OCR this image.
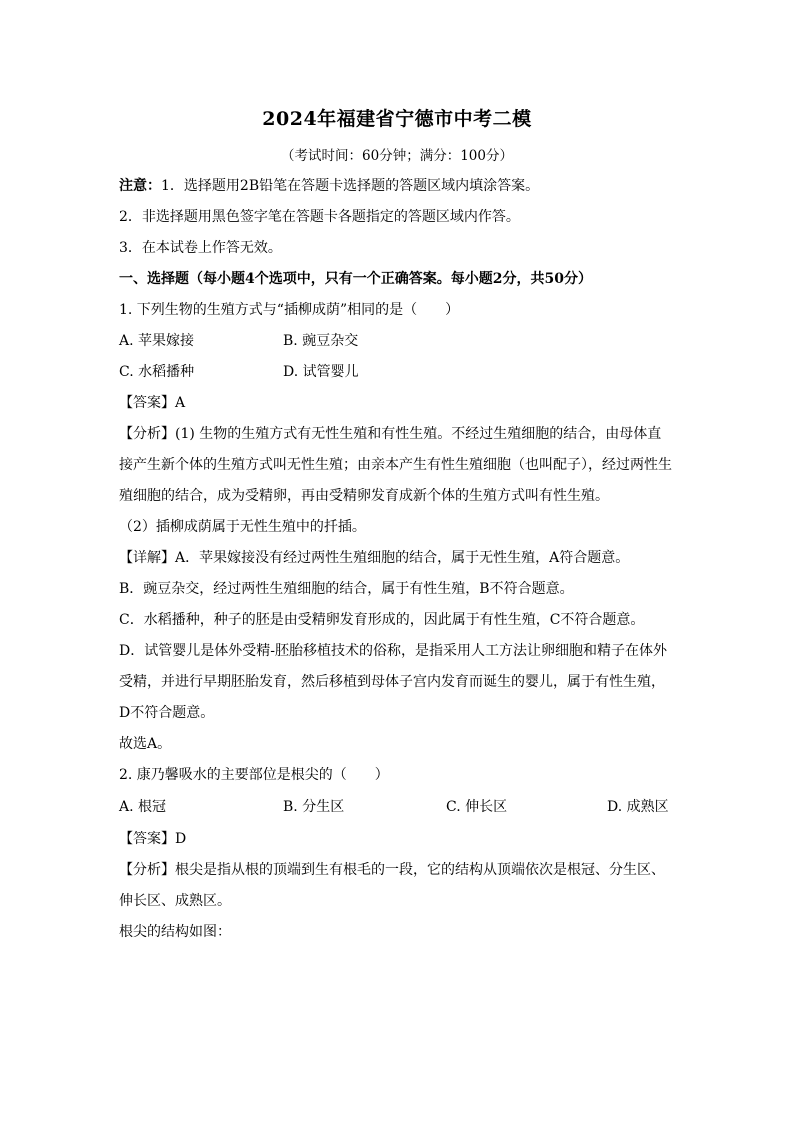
2024年福建省宁德市中考二模
（考试时间：60分钟；满分：100分）
注意：1．选择题用2B铅笔在答题卡选择题的答题区域内填涂答案。
2．非选择题用黑色签字笔在答题卡各题指定的答题区域内作答。
3．在本试卷上作答无效。
一、选择题（每小题4个选项中，只有一个正确答案。每小题2分，共50分）
1. 下列生物的生殖方式与“插柳成荫”相同的是（　　）
A. 苹果嫁接	B. 豌豆杂交
C. 水稻播种	D. 试管婴儿
【答案】A
【分析】(1) 生物的生殖方式有无性生殖和有性生殖。不经过生殖细胞的结合，由母体直
接产生新个体的生殖方式叫无性生殖；由亲本产生有性生殖细胞（也叫配子），经过两性生
殖细胞的结合，成为受精卵，再由受精卵发育成新个体的生殖方式叫有性生殖。
（2）插柳成荫属于无性生殖中的扦插。
【详解】A．苹果嫁接没有经过两性生殖细胞的结合，属于无性生殖，A符合题意。
B．豌豆杂交，经过两性生殖细胞的结合，属于有性生殖，B不符合题意。
C．水稻播种，种子的胚是由受精卵发育形成的，因此属于有性生殖，C不符合题意。
D．试管婴儿是体外受精-胚胎移植技术的俗称，是指采用人工方法让卵细胞和精子在体外
受精，并进行早期胚胎发育，然后移植到母体子宫内发育而诞生的婴儿，属于有性生殖，
D不符合题意。
故选A。
2. 康乃馨吸水的主要部位是根尖的（　　）
A. 根冠	B. 分生区	C. 伸长区	D. 成熟区
【答案】D
【分析】根尖是指从根的顶端到生有根毛的一段，它的结构从顶端依次是根冠、分生区、
伸长区、成熟区。
根尖的结构如图：
